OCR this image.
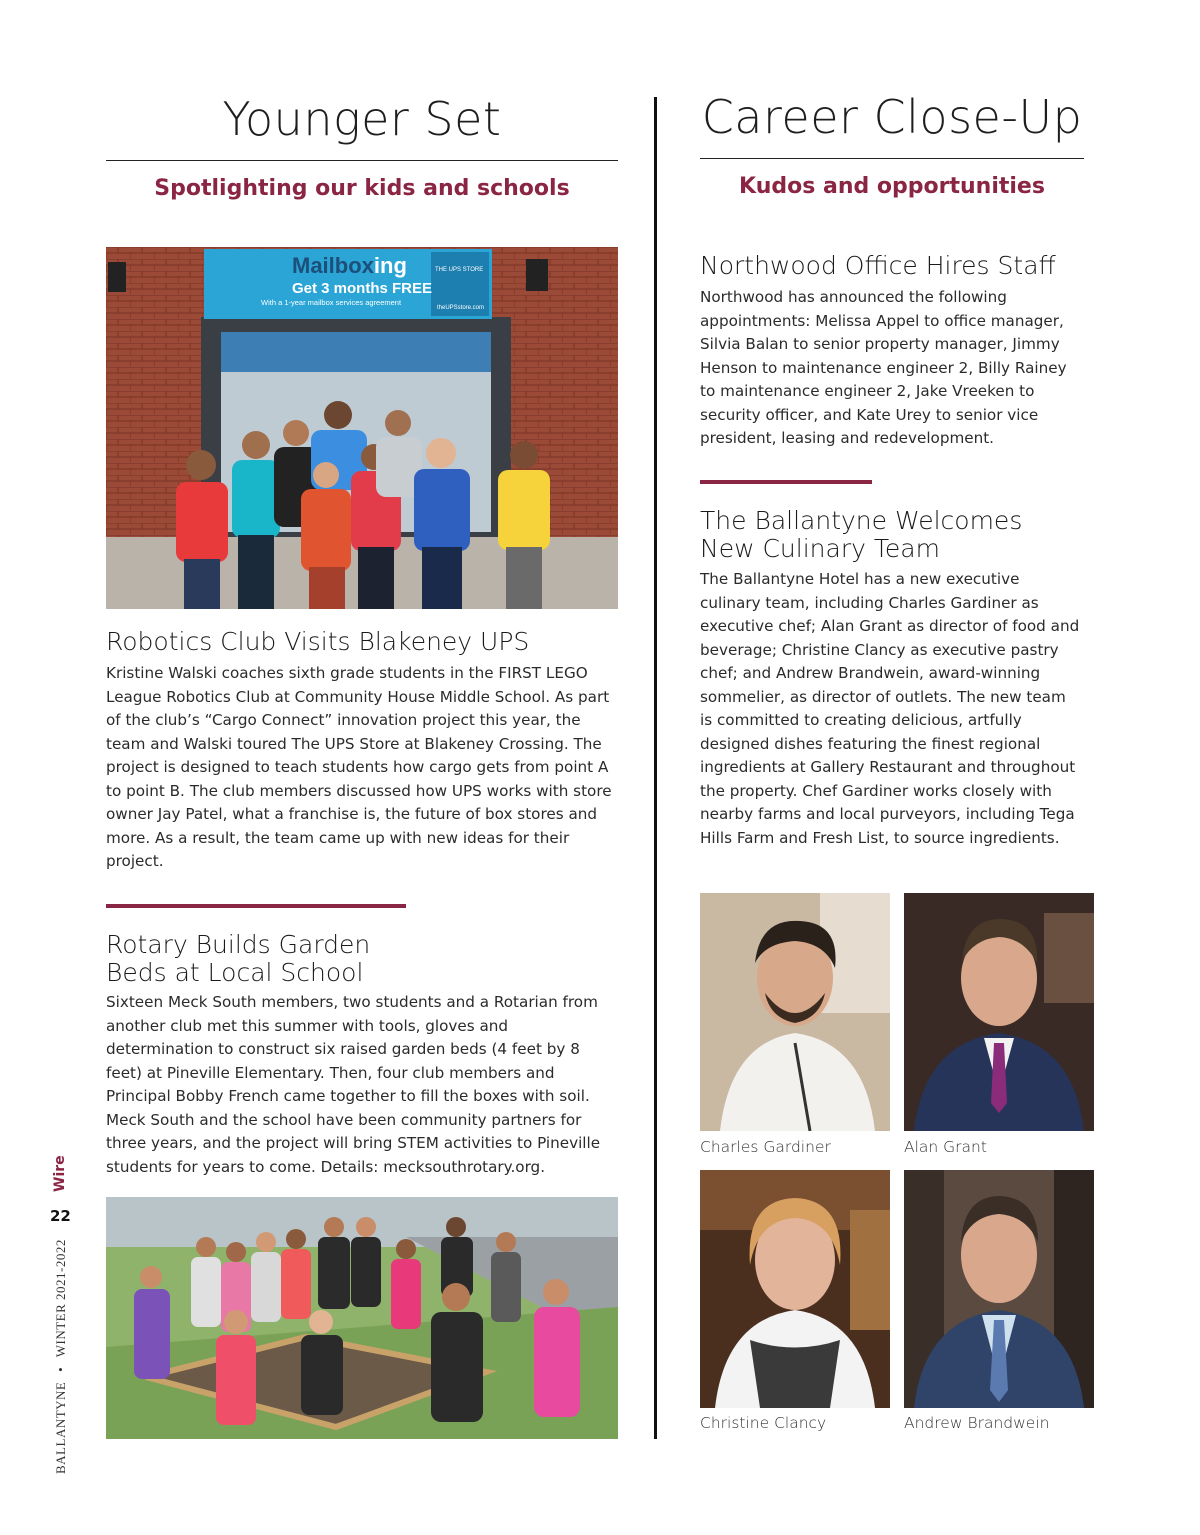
Younger Set
Spotlighting our kids and schools
Mailboxing
Get 3 months FREE
With a 1-year mailbox services agreement
THE UPS STORE
theUPSstore.com
Robotics Club Visits Blakeney UPS
Kristine Walski coaches sixth grade students in the FIRST LEGO League Robotics Club at Community House Middle School. As part of the club’s “Cargo Connect” innovation project this year, the team and Walski toured The UPS Store at Blakeney Crossing. The project is designed to teach students how cargo gets from point A to point B. The club members discussed how UPS works with store owner Jay Patel, what a franchise is, the future of box stores and more. As a result, the team came up with new ideas for their project.
Rotary Builds Garden
Beds at Local School
Sixteen Meck South members, two students and a Rotarian from another club met this summer with tools, gloves and determination to construct six raised garden beds (4 feet by 8 feet) at Pineville Elementary. Then, four club members and Principal Bobby French came together to fill the boxes with soil. Meck South and the school have been community partners for three years, and the project will bring STEM activities to Pineville students for years to come. Details: mecksouthrotary.org.
Career Close-Up
Kudos and opportunities
Northwood Office Hires Staff
Northwood has announced the following appointments: Melissa Appel to office manager, Silvia Balan to senior property manager, Jimmy Henson to maintenance engineer 2, Billy Rainey to maintenance engineer 2, Jake Vreeken to security officer, and Kate Urey to senior vice president, leasing and redevelopment.
The Ballantyne Welcomes
New Culinary Team
The Ballantyne Hotel has a new executive culinary team, including Charles Gardiner as executive chef; Alan Grant as director of food and beverage; Christine Clancy as executive pastry chef; and Andrew Brandwein, award-winning sommelier, as director of outlets. The new team is committed to creating delicious, artfully designed dishes featuring the finest regional ingredients at Gallery Restaurant and throughout the property. Chef Gardiner works closely with nearby farms and local purveyors, including Tega Hills Farm and Fresh List, to source ingredients.
Charles Gardiner	Alan Grant
Christine Clancy	Andrew Brandwein
Wire
22
BALLANTYNE • WINTER 2021-2022
